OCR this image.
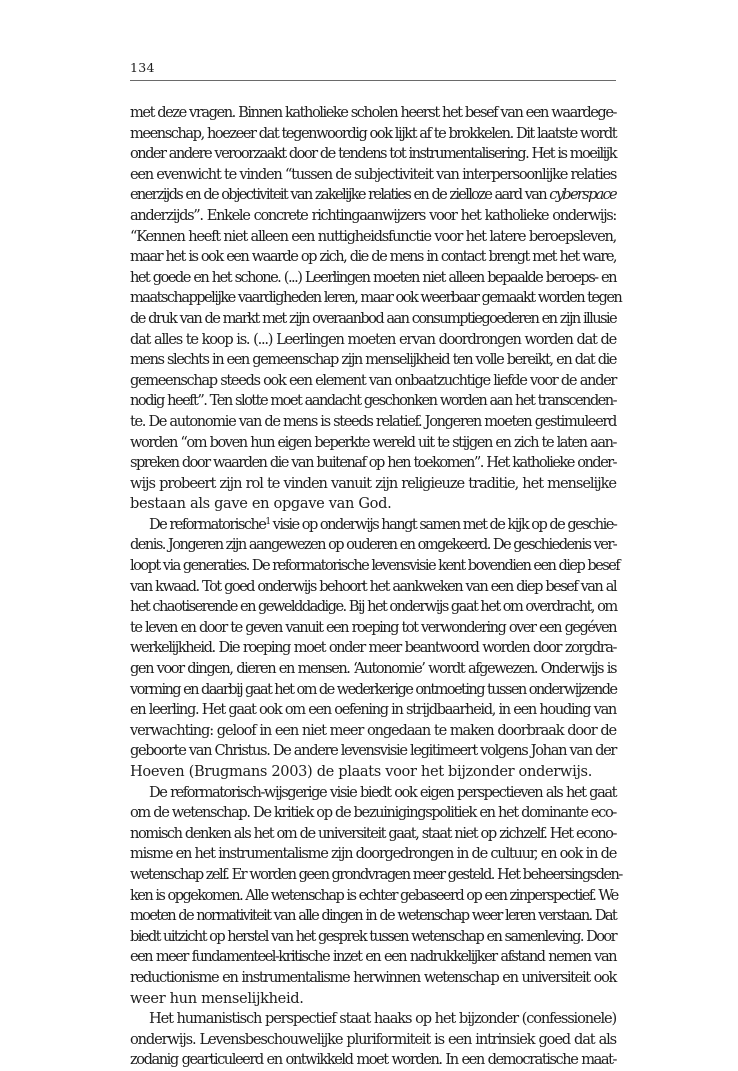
134
met deze vragen. Binnen katholieke scholen heerst het besef van een waardege-
meenschap, hoezeer dat tegenwoordig ook lijkt af te brokkelen. Dit laatste wordt
onder andere veroorzaakt door de tendens tot instrumentalisering. Het is moeilijk
een evenwicht te vinden “tussen de subjectiviteit van interpersoonlijke relaties
enerzijds en de objectiviteit van zakelijke relaties en de zielloze aard van cyberspace
anderzijds”. Enkele concrete richtingaanwijzers voor het katholieke onderwijs:
“Kennen heeft niet alleen een nuttigheidsfunctie voor het latere beroepsleven,
maar het is ook een waarde op zich, die de mens in contact brengt met het ware,
het goede en het schone. (...) Leerlingen moeten niet alleen bepaalde beroeps- en
maatschappelijke vaardigheden leren, maar ook weerbaar gemaakt worden tegen
de druk van de markt met zijn overaanbod aan consumptiegoederen en zijn illusie
dat alles te koop is. (...) Leerlingen moeten ervan doordrongen worden dat de
mens slechts in een gemeenschap zijn menselijkheid ten volle bereikt, en dat die
gemeenschap steeds ook een element van onbaatzuchtige liefde voor de ander
nodig heeft”. Ten slotte moet aandacht geschonken worden aan het transcenden-
te. De autonomie van de mens is steeds relatief. Jongeren moeten gestimuleerd
worden “om boven hun eigen beperkte wereld uit te stijgen en zich te laten aan-
spreken door waarden die van buitenaf op hen toekomen”. Het katholieke onder-
wijs probeert zijn rol te vinden vanuit zijn religieuze traditie, het menselijke
bestaan als gave en opgave van God.
De reformatorische$^1$ visie op onderwijs hangt samen met de kijk op de geschie-
denis. Jongeren zijn aangewezen op ouderen en omgekeerd. De geschiedenis ver-
loopt via generaties. De reformatorische levensvisie kent bovendien een diep besef
van kwaad. Tot goed onderwijs behoort het aankweken van een diep besef van al
het chaotiserende en gewelddadige. Bij het onderwijs gaat het om overdracht, om
te leven en door te geven vanuit een roeping tot verwondering over een gegéven
werkelijkheid. Die roeping moet onder meer beantwoord worden door zorgdra-
gen voor dingen, dieren en mensen. ‘Autonomie’ wordt afgewezen. Onderwijs is
vorming en daarbij gaat het om de wederkerige ontmoeting tussen onderwijzende
en leerling. Het gaat ook om een oefening in strijdbaarheid, in een houding van
verwachting: geloof in een niet meer ongedaan te maken doorbraak door de
geboorte van Christus. De andere levensvisie legitimeert volgens Johan van der
Hoeven (Brugmans 2003) de plaats voor het bijzonder onderwijs.
De reformatorisch-wijsgerige visie biedt ook eigen perspectieven als het gaat
om de wetenschap. De kritiek op de bezuinigingspolitiek en het dominante eco-
nomisch denken als het om de universiteit gaat, staat niet op zichzelf. Het econo-
misme en het instrumentalisme zijn doorgedrongen in de cultuur, en ook in de
wetenschap zelf. Er worden geen grondvragen meer gesteld. Het beheersingsden-
ken is opgekomen. Alle wetenschap is echter gebaseerd op een zinperspectief. We
moeten de normativiteit van alle dingen in de wetenschap weer leren verstaan. Dat
biedt uitzicht op herstel van het gesprek tussen wetenschap en samenleving. Door
een meer fundamenteel-kritische inzet en een nadrukkelijker afstand nemen van
reductionisme en instrumentalisme herwinnen wetenschap en universiteit ook
weer hun menselijkheid.
Het humanistisch perspectief staat haaks op het bijzonder (confessionele)
onderwijs. Levensbeschouwelijke pluriformiteit is een intrinsiek goed dat als
zodanig gearticuleerd en ontwikkeld moet worden. In een democratische maat-
